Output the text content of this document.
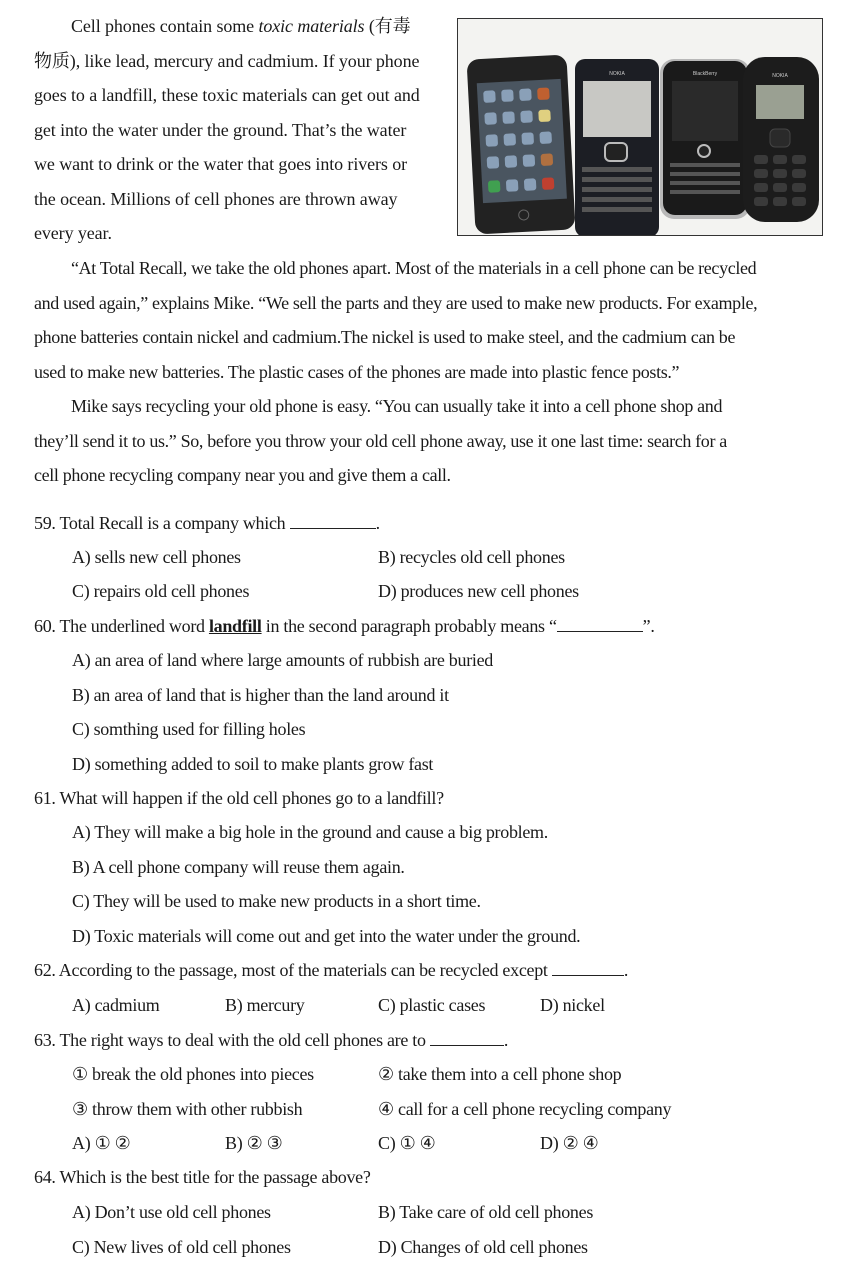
Cell phones contain some toxic materials (有毒
物质), like lead, mercury and cadmium. If your phone
goes to a landfill, these toxic materials can get out and
get into the water under the ground. That’s the water
we want to drink or the water that goes into rivers or
the ocean. Millions of cell phones are thrown away
every year.
NOKIA	BlackBerry	NOKIA
“At Total Recall, we take the old phones apart. Most of the materials in a cell phone can be recycled
and used again,” explains Mike. “We sell the parts and they are used to make new products. For example,
phone batteries contain nickel and cadmium.The nickel is used to make steel, and the cadmium can be
used to make new batteries. The plastic cases of the phones are made into plastic fence posts.”
Mike says recycling your old phone is easy. “You can usually take it into a cell phone shop and
they’ll send it to us.” So, before you throw your old cell phone away, use it one last time: search for a
cell phone recycling company near you and give them a call.
59. Total Recall is a company which	.
A) sells new cell phones	B) recycles old cell phones
C) repairs old cell phones	D) produces new cell phones
60. The underlined word landfill in the second paragraph probably means “	”.
A) an area of land where large amounts of rubbish are buried
B) an area of land that is higher than the land around it
C) somthing used for filling holes
D) something added to soil to make plants grow fast
61. What will happen if the old cell phones go to a landfill?
A) They will make a big hole in the ground and cause a big problem.
B) A cell phone company will reuse them again.
C) They will be used to make new products in a short time.
D) Toxic materials will come out and get into the water under the ground.
62. According to the passage, most of the materials can be recycled except	.
A) cadmium	B) mercury	C) plastic cases	D) nickel
63. The right ways to deal with the old cell phones are to	.
① break the old phones into pieces	② take them into a cell phone shop
③ throw them with other rubbish	④ call for a cell phone recycling company
A) ① ②	B) ② ③	C) ① ④	D) ② ④
64. Which is the best title for the passage above?
A) Don’t use old cell phones	B) Take care of old cell phones
C) New lives of old cell phones	D) Changes of old cell phones
